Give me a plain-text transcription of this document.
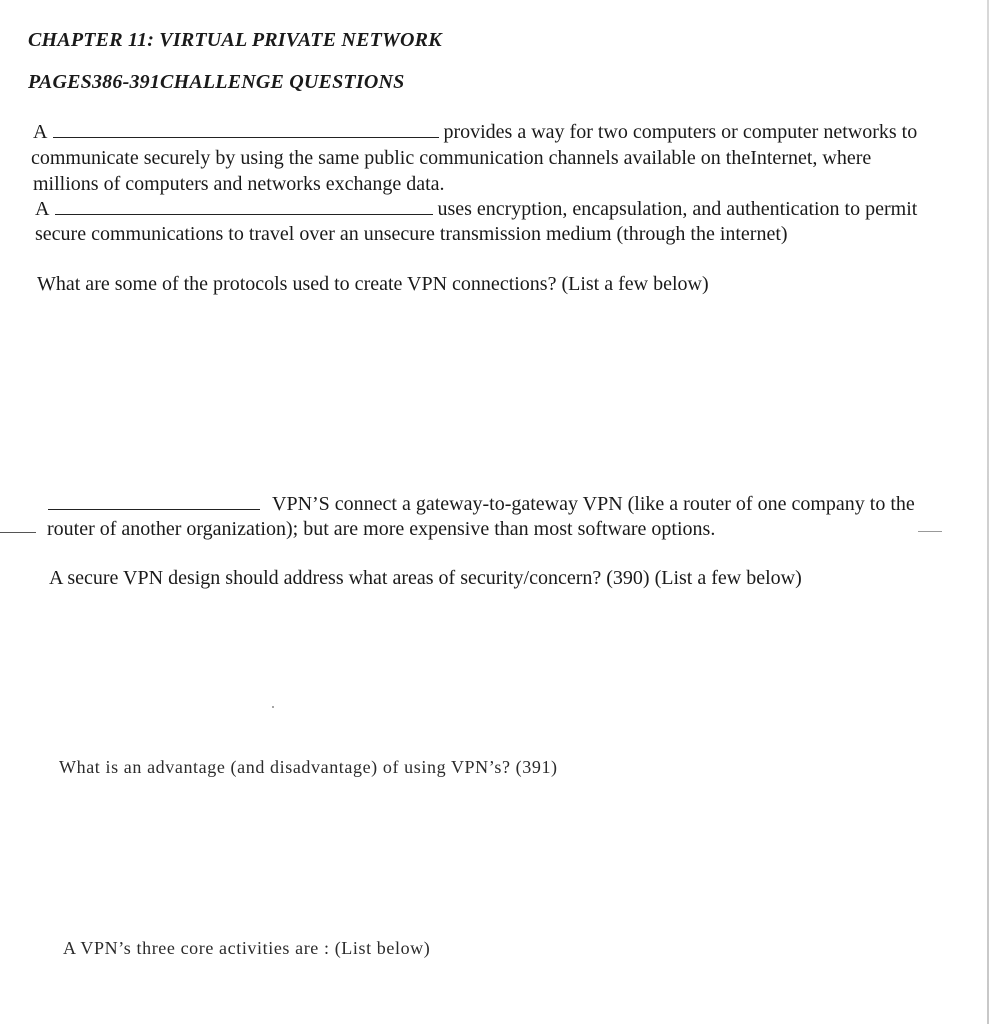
CHAPTER 11: VIRTUAL PRIVATE NETWORK
PAGES386-391CHALLENGE QUESTIONS
A	provides a way for two computers or computer networks to
communicate securely by using the same public communication channels available on theInternet, where
millions of computers and networks exchange data.
A	uses encryption, encapsulation, and authentication to permit
secure communications to travel over an unsecure transmission medium (through the internet)
What are some of the protocols used to create VPN connections? (List a few below)
VPN’S connect a gateway-to-gateway VPN (like a router of one company to the
router of another organization); but are more expensive than most software options.
A secure VPN design should address what areas of security/concern? (390) (List a few below)
What is an advantage (and disadvantage) of using VPN’s? (391)
A VPN’s three core activities are : (List below)
